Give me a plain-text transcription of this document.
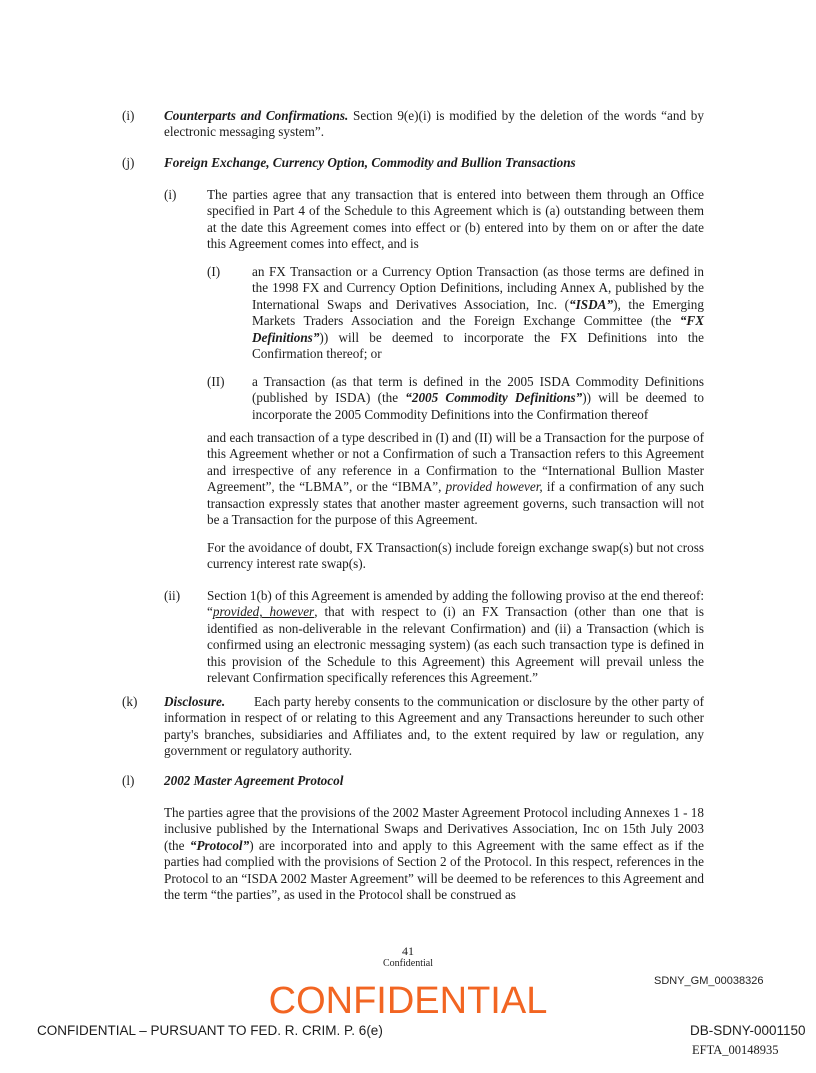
(i) Counterparts and Confirmations. Section 9(e)(i) is modified by the deletion of the words “and by electronic messaging system”.

(j) Foreign Exchange, Currency Option, Commodity and Bullion Transactions
(i) The parties agree that any transaction that is entered into between them through an Office specified in Part 4 of the Schedule to this Agreement which is (a) outstanding between them at the date this Agreement comes into effect or (b) entered into by them on or after the date this Agreement comes into effect, and is

(I) an FX Transaction or a Currency Option Transaction (as those terms are defined in the 1998 FX and Currency Option Definitions, including Annex A, published by the International Swaps and Derivatives Association, Inc. (“ISDA”), the Emerging Markets Traders Association and the Foreign Exchange Committee (the “FX Definitions”)) will be deemed to incorporate the FX Definitions into the Confirmation thereof; or

(II) a Transaction (as that term is defined in the 2005 ISDA Commodity Definitions (published by ISDA) (the “2005 Commodity Definitions”)) will be deemed to incorporate the 2005 Commodity Definitions into the Confirmation thereof

and each transaction of a type described in (I) and (II) will be a Transaction for the purpose of this Agreement whether or not a Confirmation of such a Transaction refers to this Agreement and irrespective of any reference in a Confirmation to the “International Bullion Master Agreement”, the “LBMA”, or the “IBMA”, provided however, if a confirmation of any such transaction expressly states that another master agreement governs, such transaction will not be a Transaction for the purpose of this Agreement.

For the avoidance of doubt, FX Transaction(s) include foreign exchange swap(s) but not cross currency interest rate swap(s).

(ii) Section 1(b) of this Agreement is amended by adding the following proviso at the end thereof: “provided, however, that with respect to (i) an FX Transaction (other than one that is identified as non-deliverable in the relevant Confirmation) and (ii) a Transaction (which is confirmed using an electronic messaging system) (as each such transaction type is defined in this provision of the Schedule to this Agreement) this Agreement will prevail unless the relevant Confirmation specifically references this Agreement.”

(k) Disclosure.	Each party hereby consents to the communication or disclosure by the other party of information in respect of or relating to this Agreement and any Transactions hereunder to such other party's branches, subsidiaries and Affiliates and, to the extent required by law or regulation, any government or regulatory authority.

(l) 2002 Master Agreement Protocol

The parties agree that the provisions of the 2002 Master Agreement Protocol including Annexes 1 - 18 inclusive published by the International Swaps and Derivatives Association, Inc on 15th July 2003 (the “Protocol”) are incorporated into and apply to this Agreement with the same effect as if the parties had complied with the provisions of Section 2 of the Protocol. In this respect, references in the Protocol to an “ISDA 2002 Master Agreement” will be deemed to be references to this Agreement and the term “the parties”, as used in the Protocol shall be construed as

41
Confidential
SDNY_GM_00038326
CONFIDENTIAL
CONFIDENTIAL – PURSUANT TO FED. R. CRIM. P. 6(e)	DB-SDNY-0001150
EFTA_00148935
